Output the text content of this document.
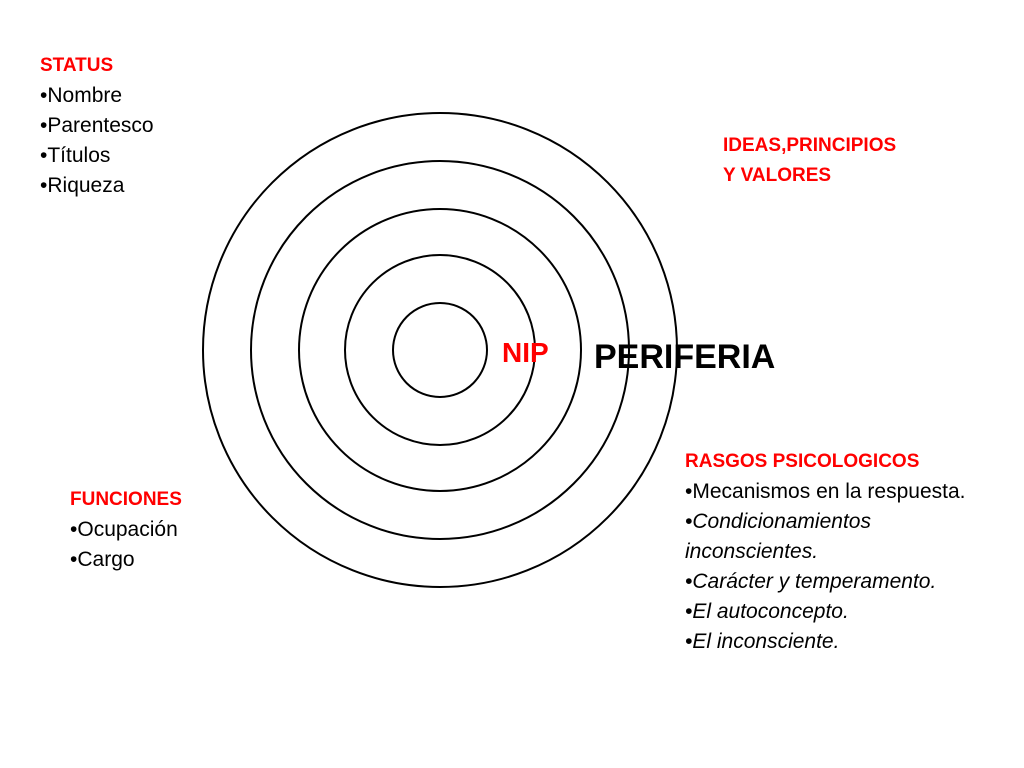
STATUS
• Nombre
• Parentesco
• Títulos
• Riqueza
IDEAS,PRINCIPIOS
Y VALORES
NIP PERIFERIA
RASGOS PSICOLOGICOS
• Mecanismos en la respuesta.
• Condicionamientos inconscientes.
• Carácter y temperamento.
• El autoconcepto.
• El inconsciente.
FUNCIONES
• Ocupación
• Cargo
